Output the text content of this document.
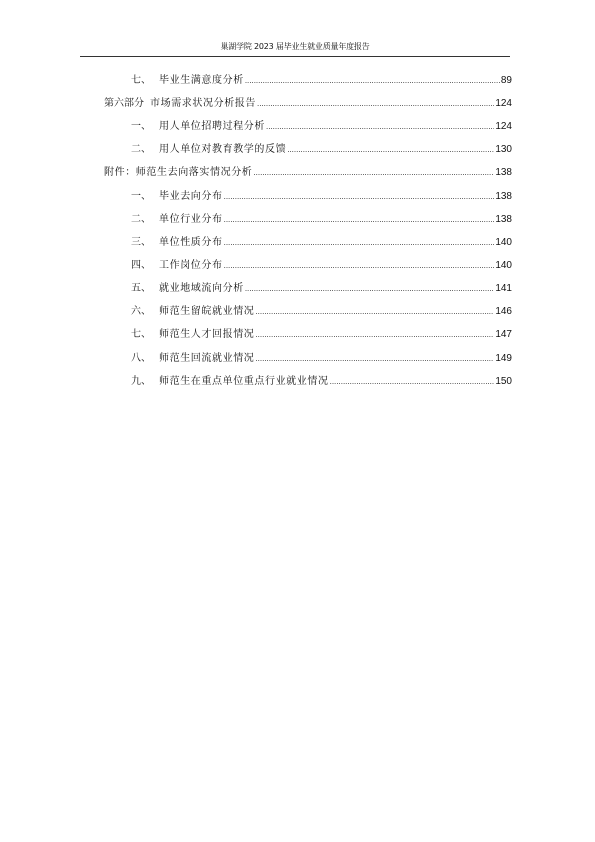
巢湖学院 2023 届毕业生就业质量年度报告
七、 毕业生满意度分析 .....	89
第六部分 市场需求状况分析报告 .....	124
一、 用人单位招聘过程分析 .....	124
二、 用人单位对教育教学的反馈 .....	130
附件：师范生去向落实情况分析 .....	138
一、 毕业去向分布 .....	138
二、 单位行业分布 .....	138
三、 单位性质分布 .....	140
四、 工作岗位分布 .....	140
五、 就业地域流向分析 .....	141
六、 师范生留皖就业情况 .....	146
七、 师范生人才回报情况 .....	147
八、 师范生回流就业情况 .....	149
九、 师范生在重点单位重点行业就业情况 .....	150
